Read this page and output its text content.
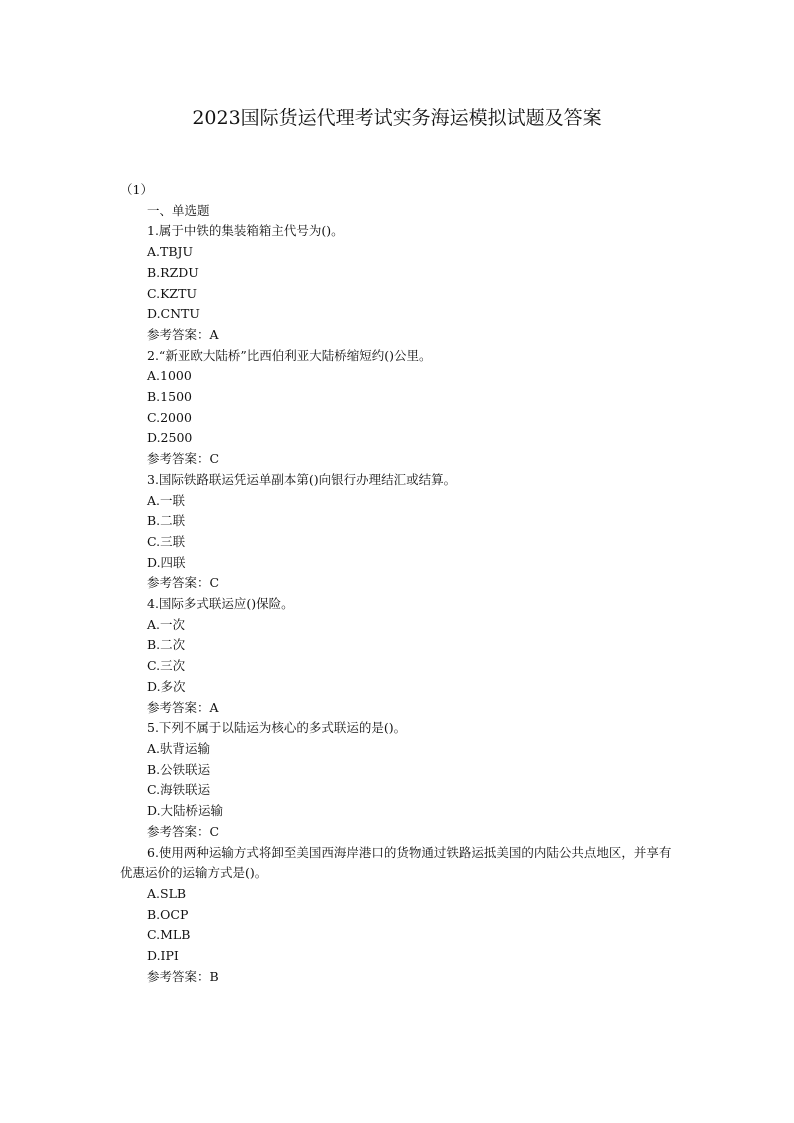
2023国际货运代理考试实务海运模拟试题及答案
（1）
一、单选题
1.属于中铁的集装箱箱主代号为()。
A.TBJU
B.RZDU
C.KZTU
D.CNTU
参考答案：A
2.“新亚欧大陆桥”比西伯利亚大陆桥缩短约()公里。
A.1000
B.1500
C.2000
D.2500
参考答案：C
3.国际铁路联运凭运单副本第()向银行办理结汇或结算。
A.一联
B.二联
C.三联
D.四联
参考答案：C
4.国际多式联运应()保险。
A.一次
B.二次
C.三次
D.多次
参考答案：A
5.下列不属于以陆运为核心的多式联运的是()。
A.驮背运输
B.公铁联运
C.海铁联运
D.大陆桥运输
参考答案：C
6.使用两种运输方式将卸至美国西海岸港口的货物通过铁路运抵美国的内陆公共点地区，并享有优惠运价的运输方式是()。
A.SLB
B.OCP
C.MLB
D.IPI
参考答案：B
